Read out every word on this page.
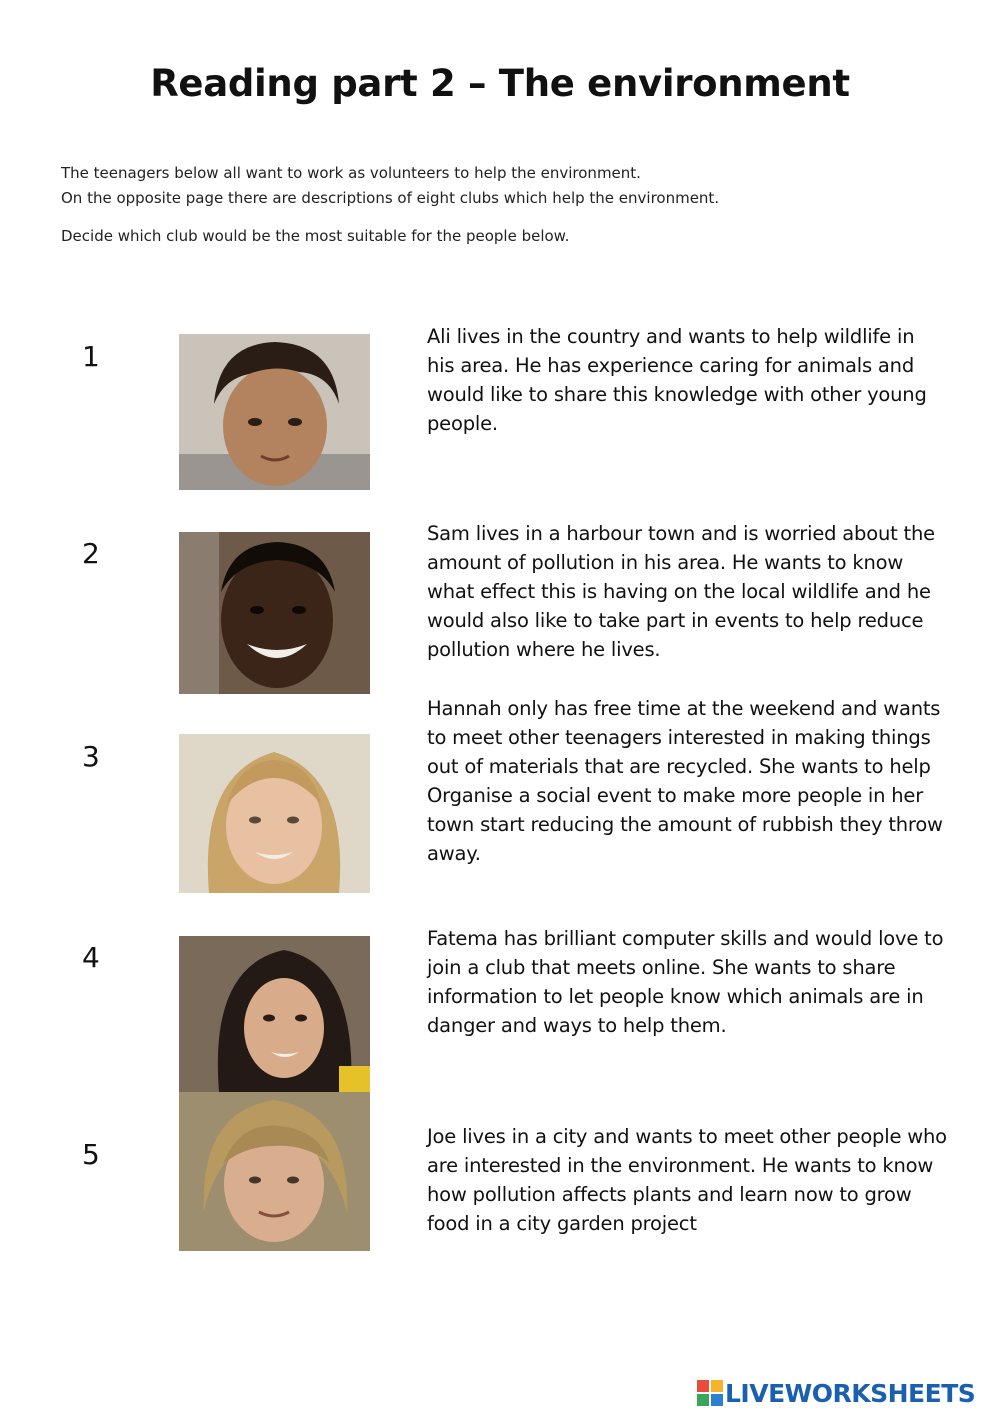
Reading part 2 – The environment
The teenagers below all want to work as volunteers to help the environment.
On the opposite page there are descriptions of eight clubs which help the environment.
Decide which club would be the most suitable for the people below.
1
Ali lives in the country and wants to help wildlife in his area. He has experience caring for animals and would like to share this knowledge with other young people.
2
Sam lives in a harbour town and is worried about the amount of pollution in his area. He wants to know what effect this is having on the local wildlife and he would also like to take part in events to help reduce pollution where he lives.
3
Hannah only has free time at the weekend and wants to meet other teenagers interested in making things out of materials that are recycled. She wants to help Organise a social event to make more people in her town start reducing the amount of rubbish they throw away.
4
Fatema has brilliant computer skills and would love to join a club that meets online. She wants to share information to let people know which animals are in danger and ways to help them.
5
Joe lives in a city and wants to meet other people who are interested in the environment. He wants to know how pollution affects plants and learn now to grow food in a city garden project
LIVEWORKSHEETS
